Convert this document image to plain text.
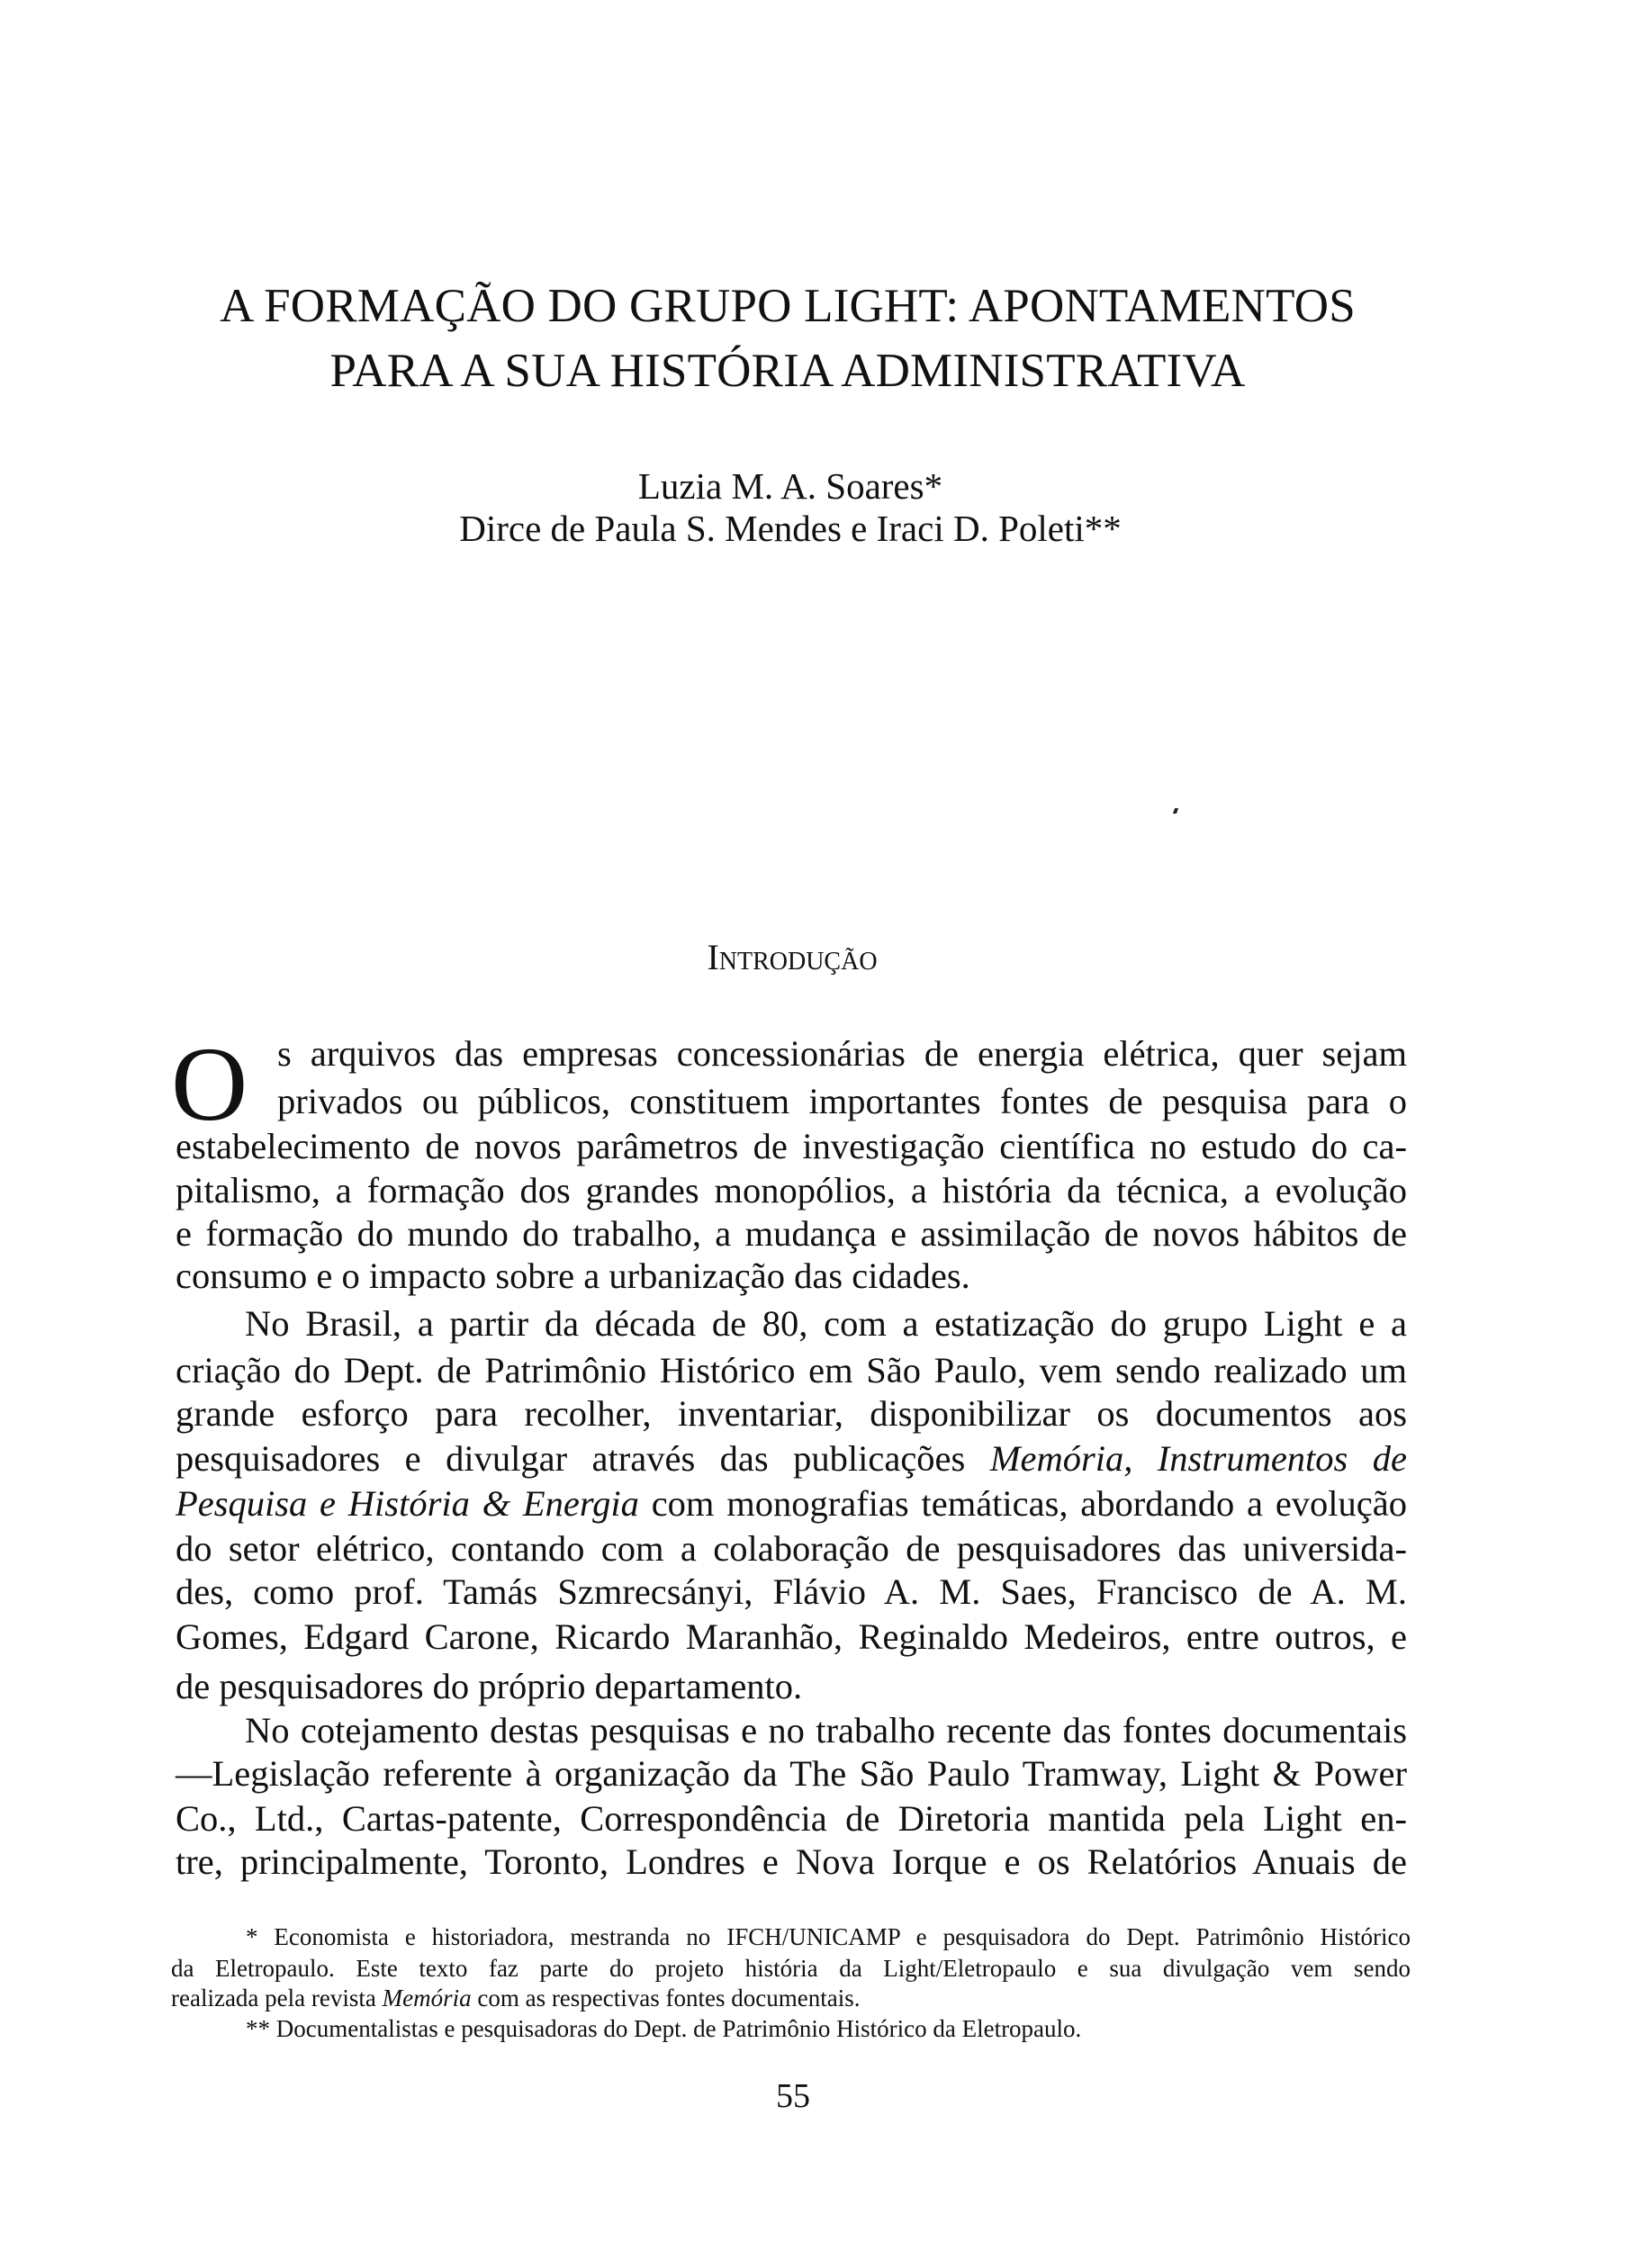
A FORMAÇÃO DO GRUPO LIGHT: APONTAMENTOS
PARA A SUA HISTÓRIA ADMINISTRATIVA
Luzia M. A. Soares*
Dirce de Paula S. Mendes e Iraci D. Poleti**
Introdução
O s arquivos das empresas concessionárias de energia elétrica, quer sejam
privados ou públicos, constituem importantes fontes de pesquisa para o
estabelecimento de novos parâmetros de investigação científica no estudo do ca-
pitalismo, a formação dos grandes monopólios, a história da técnica, a evolução
e formação do mundo do trabalho, a mudança e assimilação de novos hábitos de
consumo e o impacto sobre a urbanização das cidades.
No Brasil, a partir da década de 80, com a estatização do grupo Light e a
criação do Dept. de Patrimônio Histórico em São Paulo, vem sendo realizado um
grande esforço para recolher, inventariar, disponibilizar os documentos aos
pesquisadores e divulgar através das publicações Memória, Instrumentos de
Pesquisa e História & Energia com monografias temáticas, abordando a evolução
do setor elétrico, contando com a colaboração de pesquisadores das universida-
des, como prof. Tamás Szmrecsányi, Flávio A. M. Saes, Francisco de A. M.
Gomes, Edgard Carone, Ricardo Maranhão, Reginaldo Medeiros, entre outros, e
de pesquisadores do próprio departamento.
No cotejamento destas pesquisas e no trabalho recente das fontes documentais
—Legislação referente à organização da The São Paulo Tramway, Light & Power
Co., Ltd., Cartas-patente, Correspondência de Diretoria mantida pela Light en-
tre, principalmente, Toronto, Londres e Nova Iorque e os Relatórios Anuais de
* Economista e historiadora, mestranda no IFCH/UNICAMP e pesquisadora do Dept. Patrimônio Histórico
da Eletropaulo. Este texto faz parte do projeto história da Light/Eletropaulo e sua divulgação vem sendo
realizada pela revista Memória com as respectivas fontes documentais.
** Documentalistas e pesquisadoras do Dept. de Patrimônio Histórico da Eletropaulo.
55
